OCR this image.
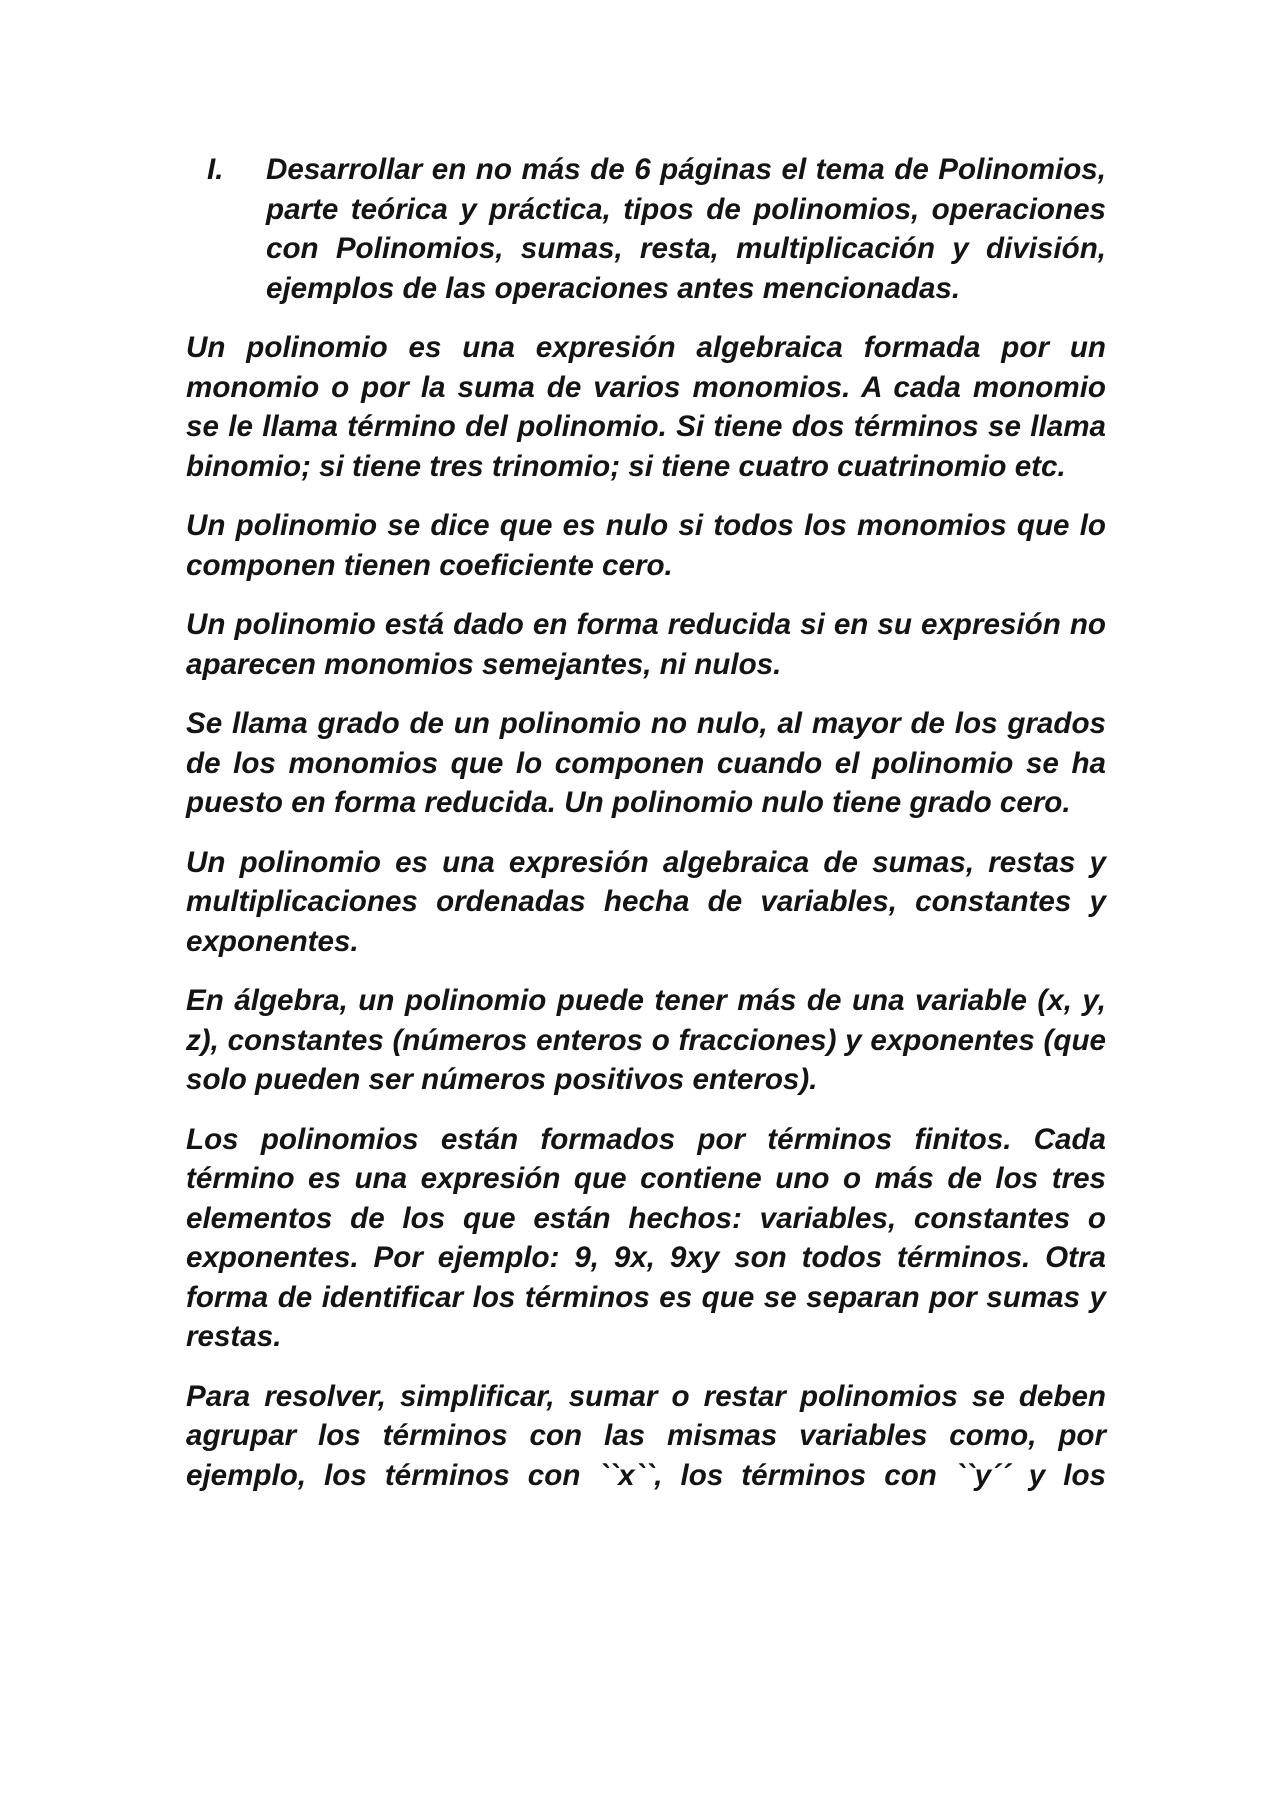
I.	Desarrollar en no más de 6 páginas el tema de Polinomios, parte teórica y práctica, tipos de polinomios, operaciones con Polinomios, sumas, resta, multiplicación y división, ejemplos de las operaciones antes mencionadas.

Un polinomio es una expresión algebraica formada por un monomio o por la suma de varios monomios. A cada monomio se le llama término del polinomio. Si tiene dos términos se llama binomio; si tiene tres trinomio; si tiene cuatro cuatrinomio etc.

Un polinomio se dice que es nulo si todos los monomios que lo componen tienen coeficiente cero.

Un polinomio está dado en forma reducida si en su expresión no aparecen monomios semejantes, ni nulos.

Se llama grado de un polinomio no nulo, al mayor de los grados de los monomios que lo componen cuando el polinomio se ha puesto en forma reducida. Un polinomio nulo tiene grado cero.

Un polinomio es una expresión algebraica de sumas, restas y multiplicaciones ordenadas hecha de variables, constantes y exponentes.

En álgebra, un polinomio puede tener más de una variable (x, y, z), constantes (números enteros o fracciones) y exponentes (que solo pueden ser números positivos enteros).

Los polinomios están formados por términos finitos. Cada término es una expresión que contiene uno o más de los tres elementos de los que están hechos: variables, constantes o exponentes. Por ejemplo: 9, 9x, 9xy son todos términos. Otra forma de identificar los términos es que se separan por sumas y restas.

Para resolver, simplificar, sumar o restar polinomios se deben agrupar los términos con las mismas variables como, por ejemplo, los términos con ``x``, los términos con ``y´´ y los
